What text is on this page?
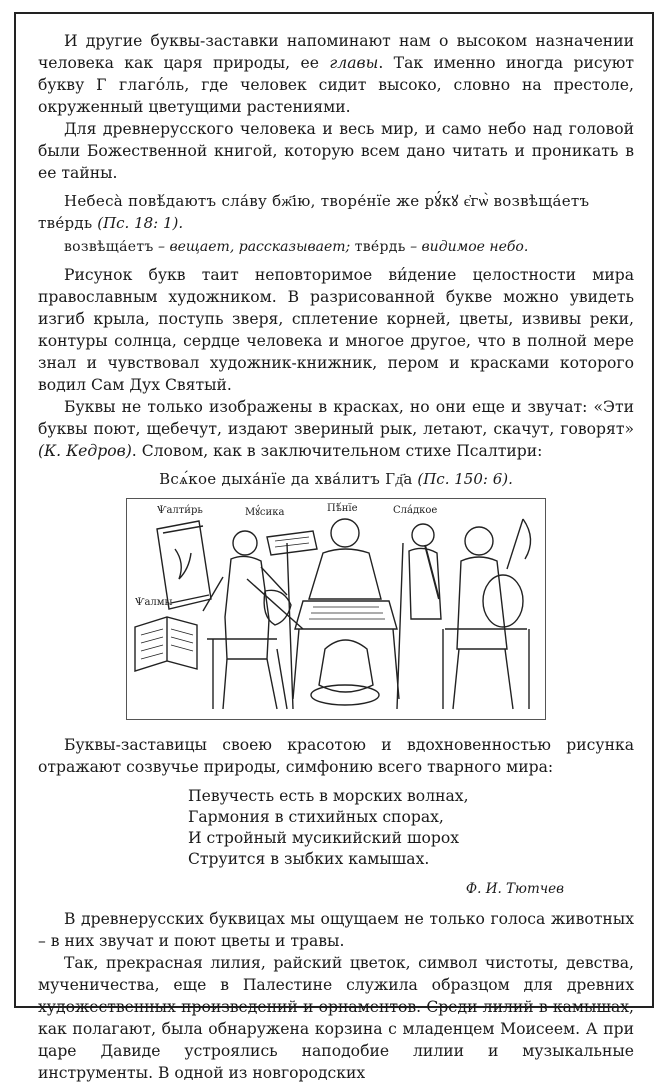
И другие буквы-заставки напоминают нам о высоком назначении человека как царя природы, ее главы. Так именно иногда рисуют букву Г глаго́ль, где человек сидит высоко, словно на престоле, окруженный цветущими растениями.

Для древнерусского человека и весь мир, и само небо над головой были Божественной книгой, которую всем дано читать и проникать в ее тайны.

Небеса̀ повѣ́даютъ сла́ву бж҃ію, творе́нїе же рꙋ́кꙋ є҆гѡ̀ возвѣща́етъ тве́рдь (Пс. 18: 1).

возвѣща́етъ – вещает, рассказывает; тве́рдь – видимое небо.

Рисунок букв таит неповторимое ви́дение целостности мира православным художником. В разрисованной букве можно увидеть изгиб крыла, поступь зверя, сплетение корней, цветы, извивы реки, контуры солнца, сердце человека и многое другое, что в полной мере знал и чувствовал художник-книжник, пером и красками которого водил Сам Дух Святый.

Буквы не только изображены в красках, но они еще и звучат: «Эти буквы поют, щебечут, издают звериный рык, летают, скачут, говорят» (К. Кедров). Словом, как в заключительном стихе Псалтири:

Всѧ́кое дыха́нїе да хва́литъ Гд҃а (Пс. 150: 6).

Ѱалти́рь	Мꙋ́сика	Пѣ́нїе	Сла́дкое
Ѱалмы

Буквы-заставицы своею красотою и вдохновенностью рисунка отражают созвучье природы, симфонию всего тварного мира:

Певучесть есть в морских волнах,
Гармония в стихийных спорах,
И стройный мусикийский шорох
Струится в зыбких камышах.
Ф. И. Тютчев

В древнерусских буквицах мы ощущаем не только голоса животных – в них звучат и поют цветы и травы.

Так, прекрасная лилия, райский цветок, символ чистоты, девства, мученичества, еще в Палестине служила образцом для древних художественных произведений и орнаментов. Среди лилий в камышах, как полагают, была обнаружена корзина с младенцем Моисеем. А при царе Давиде устроялись наподобие лилии и музыкальные инструменты. В одной из новгородских
